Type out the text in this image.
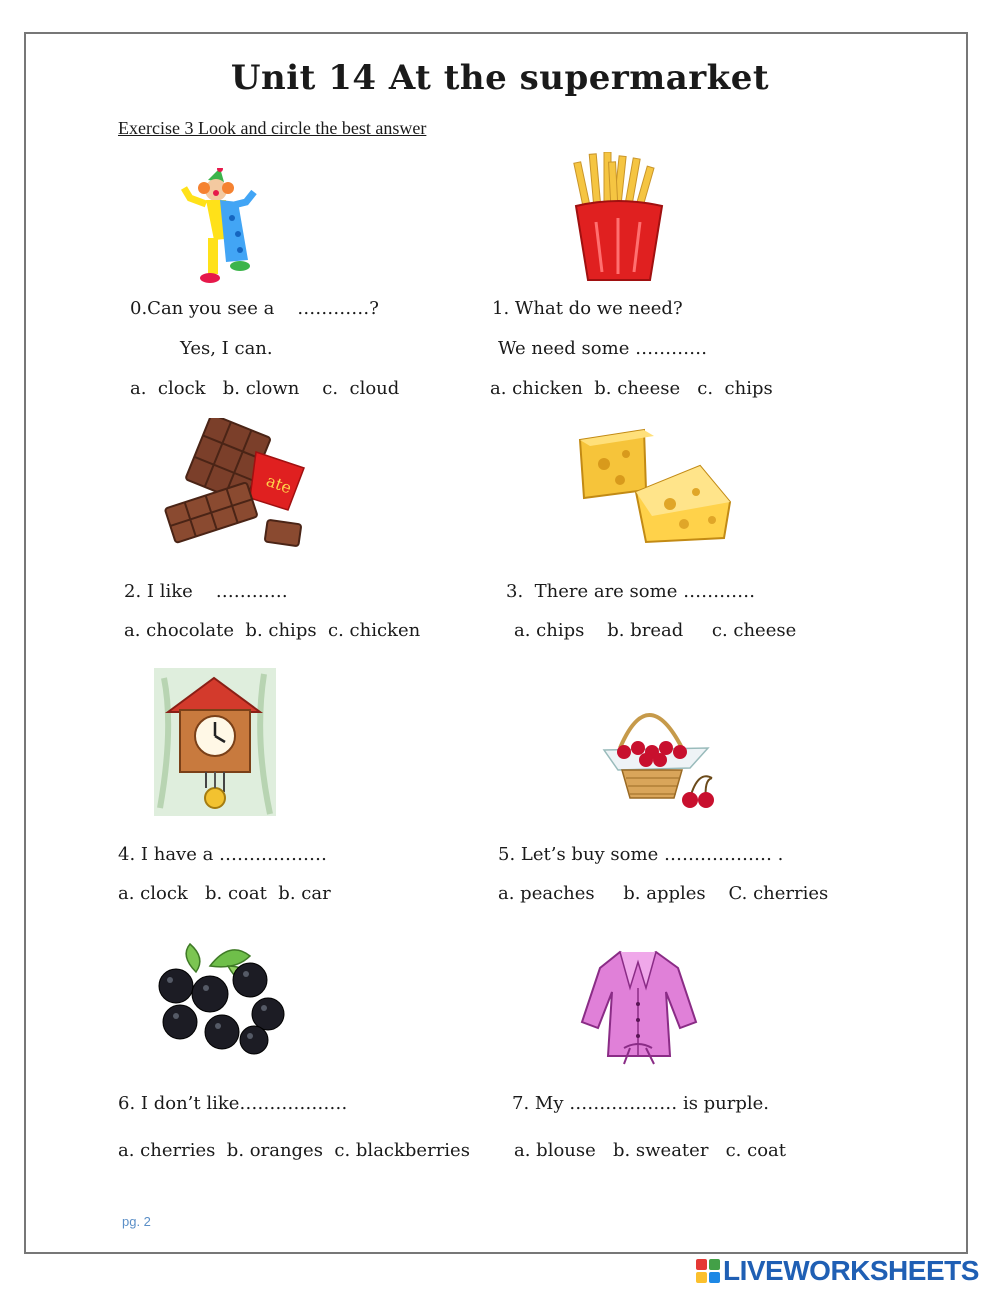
Unit 14 At the supermarket
Exercise 3 Look and circle the best answer
0.Can you see a    …………?
Yes, I can.
a.  clock   b. clown    c.  cloud
1. What do we need?
We need some …………
a. chicken  b. cheese   c.  chips
ate
2. I like    …………
a. chocolate  b. chips  c. chicken
3.  There are some …………
a. chips    b. bread     c. cheese
4. I have a ………………
a. clock   b. coat  b. car
5. Let’s buy some ……………… .
a. peaches     b. apples    C. cherries
6. I don’t like………………
a. cherries  b. oranges  c. blackberries
7. My ……………… is purple.
a. blouse   b. sweater   c. coat
pg. 2
LIVEWORKSHEETS
